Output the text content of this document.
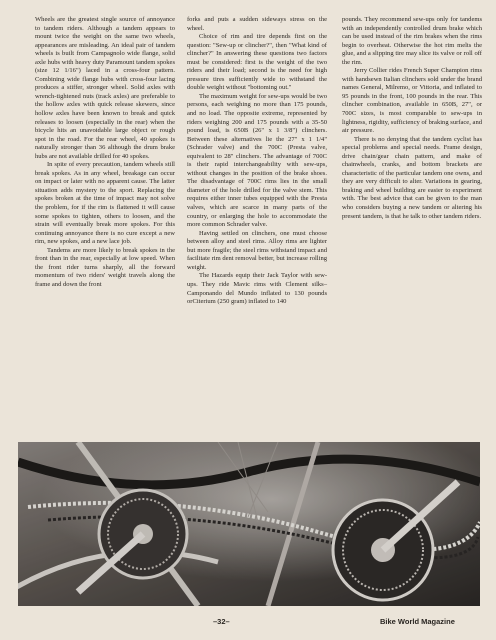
Wheels are the greatest single source of annoyance to tandem riders. Although a tandem appears to mount twice the weight on the same two wheels, appearances are misleading. An ideal pair of tandem wheels is built from Campagnolo wide flange, solid axle hubs with heavy duty Paramount tandem spokes (size 12 1/16") laced in a cross-four pattern. Combining wide flange hubs with cross-four lacing produces a stiffer, stronger wheel. Solid axles with wrench-tightened nuts (track axles) are preferable to the hollow axles with quick release skewers, since hollow axles have been known to break and quick releases to loosen (especially in the rear) when the bicycle hits an unavoidable large object or rough spot in the road. For the rear wheel, 40 spokes is naturally stronger than 36 although the drum brake hubs are not available drilled for 40 spokes.

In spite of every precaution, tandem wheels still break spokes. As in any wheel, breakage can occur on impact or later with no apparent cause. The latter situation adds mystery to the sport. Replacing the spokes broken at the time of impact may not solve the problem, for if the rim is flattened it will cause some spokes to tighten, others to loosen, and the strain will eventually break more spokes. For this continuing annoyance there is no cure except a new rim, new spokes, and a new lace job.

Tandems are more likely to break spokes in the front than in the rear, especially at low speed. When the front rider turns sharply, all the forward momentum of two riders' weight travels along the frame and down the front

forks and puts a sudden sideways stress on the wheel.

Choice of rim and tire depends first on the question: "Sew-up or clincher?", then "What kind of clincher?" In answering these questions two factors must be considered: first is the weight of the two riders and their load; second is the need for high pressure tires sufficiently wide to withstand the double weight without "bottoming out."

The maximum weight for sew-ups would be two persons, each weighing no more than 175 pounds, and no load. The opposite extreme, represented by riders weighing 200 and 175 pounds with a 35-50 pound load, is 650B (26" x 1 3/8") clinchers. Between these alternatives lie the 27" x 1 1/4" (Schrader valve) and the 700C (Presta valve, equivalent to 28" clinchers. The advantage of 700C is their rapid interchangeability with sew-ups, without changes in the position of the brake shoes. The disadvantage of 700C rims lies in the small diameter of the hole drilled for the valve stem. This requires either inner tubes equipped with the Presta valves, which are scarce in many parts of the country, or enlarging the hole to accommodate the more common Schrader valve.

Having settled on clinchers, one must choose between alloy and steel rims. Alloy rims are lighter but more fragile; the steel rims withstand impact and facilitate rim dent removal better, but increase rolling weight.

The Hazards equip their Jack Taylor with sew-ups. They ride Mavic rims with Clement silks–Camponando del Mundo inflated to 130 pounds orCiterium (250 gram) inflated to 140

pounds. They recommend sew-ups only for tandems with an independently controlled drum brake which can be used instead of the rim brakes when the rims begin to overheat. Otherwise the hot rim melts the glue, and a slipping tire may slice its valve or roll off the rim.

Jerry Collier rides French Super Champion rims with handsewn Italian clinchers sold under the brand names General, Milremo, or Vittoria, and inflated to 95 pounds in the front, 100 pounds in the rear. This clincher combination, available in 650B, 27", or 700C sizes, is most comparable to sew-ups in lightness, rigidity, sufficiency of braking surface, and air pressure.

There is no denying that the tandem cyclist has special problems and special needs. Frame design, drive chain/gear chain pattern, and make of chainwheels, cranks, and bottom brackets are characteristic of the particular tandem one owns, and they are very difficult to alter. Variations in gearing, braking and wheel building are easier to experiment with. The best advice that can be given to the man who considers buying a new tandem or altering his present tandem, is that he talk to other tandem riders.

–32–	Bike World Magazine
